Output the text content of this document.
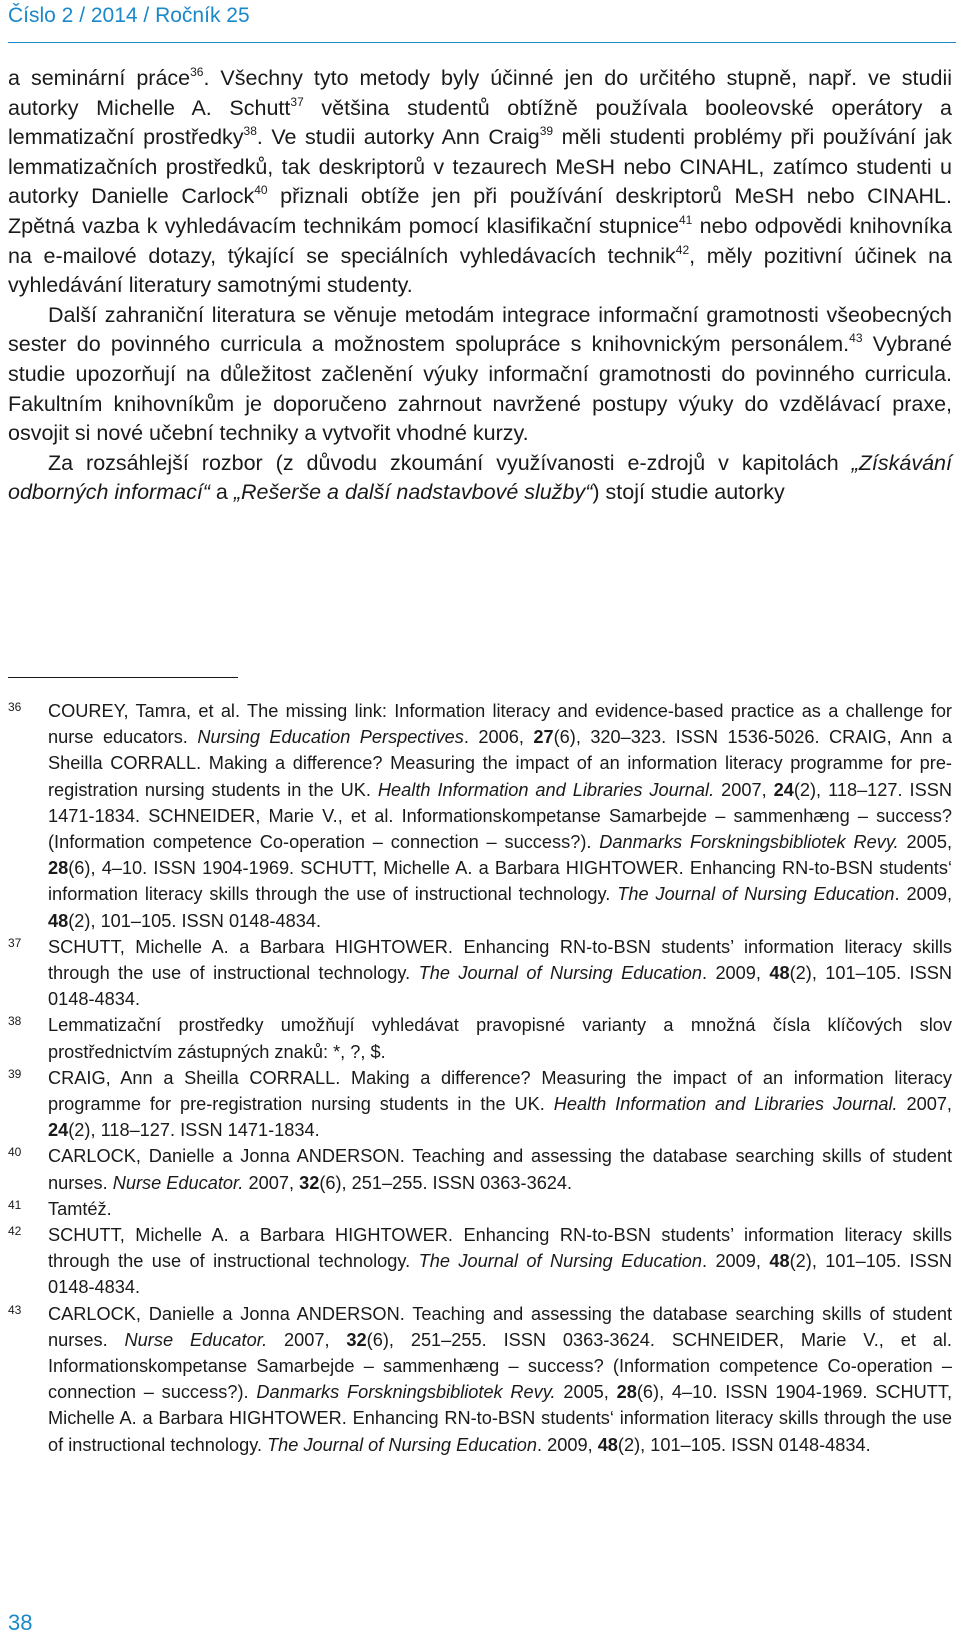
Číslo 2 / 2014 / Ročník 25

a seminární práce$^{36}$. Všechny tyto metody byly účinné jen do určitého stupně, např. ve studii autorky Michelle A. Schutt$^{37}$ většina studentů obtížně používala booleovské operátory a lemmatizační prostředky$^{38}$. Ve studii autorky Ann Craig$^{39}$ měli studenti problémy při používání jak lemmatizačních prostředků, tak deskriptorů v tezaurech MeSH nebo CINAHL, zatímco studenti u autorky Danielle Carlock$^{40}$ přiznali obtíže jen při používání deskriptorů MeSH nebo CINAHL. Zpětná vazba k vyhledávacím technikám pomocí klasifikační stupnice$^{41}$ nebo odpovědi knihovníka na e-mailové dotazy, týkající se speciálních vyhledávacích technik$^{42}$, měly pozitivní účinek na vyhledávání literatury samotnými studenty.

Další zahraniční literatura se věnuje metodám integrace informační gramotnosti všeobecných sester do povinného curricula a možnostem spolupráce s knihovnickým personálem.$^{43}$ Vybrané studie upozorňují na důležitost začlenění výuky informační gramotnosti do povinného curricula. Fakultním knihovníkům je doporučeno zahrnout navržené postupy výuky do vzdělávací praxe, osvojit si nové učební techniky a vytvořit vhodné kurzy.

Za rozsáhlejší rozbor (z důvodu zkoumání využívanosti e-zdrojů v kapitolách „Získávání odborných informací“ a „Rešerše a další nadstavbové služby“) stojí studie autorky

36	COUREY, Tamra, et al. The missing link: Information literacy and evidence-based practice as a challenge for nurse educators. Nursing Education Perspectives. 2006, 27(6), 320–323. ISSN 1536-5026. CRAIG, Ann a Sheilla CORRALL. Making a difference? Measuring the impact of an information literacy programme for pre-registration nursing students in the UK. Health Information and Libraries Journal. 2007, 24(2), 118–127. ISSN 1471-1834. SCHNEIDER, Marie V., et al. Informationskompetanse Samarbejde – sammenhæng – success? (Information competence Co-operation – connection – success?). Danmarks Forskningsbibliotek Revy. 2005, 28(6), 4–10. ISSN 1904-1969. SCHUTT, Michelle A. a Barbara HIGHTOWER. Enhancing RN-to-BSN students‘ information literacy skills through the use of instructional technology. The Journal of Nursing Education. 2009, 48(2), 101–105. ISSN 0148-4834.
37	SCHUTT, Michelle A. a Barbara HIGHTOWER. Enhancing RN-to-BSN students’ information literacy skills through the use of instructional technology. The Journal of Nursing Education. 2009, 48(2), 101–105. ISSN 0148-4834.
38	Lemmatizační prostředky umožňují vyhledávat pravopisné varianty a množná čísla klíčových slov prostřednictvím zástupných znaků: *, ?, $.
39	CRAIG, Ann a Sheilla CORRALL. Making a difference? Measuring the impact of an information literacy programme for pre-registration nursing students in the UK. Health Information and Libraries Journal. 2007, 24(2), 118–127. ISSN 1471-1834.
40	CARLOCK, Danielle a Jonna ANDERSON. Teaching and assessing the database searching skills of student nurses. Nurse Educator. 2007, 32(6), 251–255. ISSN 0363-3624.
41	Tamtéž.
42	SCHUTT, Michelle A. a Barbara HIGHTOWER. Enhancing RN-to-BSN students’ information literacy skills through the use of instructional technology. The Journal of Nursing Education. 2009, 48(2), 101–105. ISSN 0148-4834.
43	CARLOCK, Danielle a Jonna ANDERSON. Teaching and assessing the database searching skills of student nurses. Nurse Educator. 2007, 32(6), 251–255. ISSN 0363-3624. SCHNEIDER, Marie V., et al. Informationskompetanse Samarbejde – sammenhæng – success? (Information competence Co-operation – connection – success?). Danmarks Forskningsbibliotek Revy. 2005, 28(6), 4–10. ISSN 1904-1969. SCHUTT, Michelle A. a Barbara HIGHTOWER. Enhancing RN-to-BSN students‘ information literacy skills through the use of instructional technology. The Journal of Nursing Education. 2009, 48(2), 101–105. ISSN 0148-4834.
38
